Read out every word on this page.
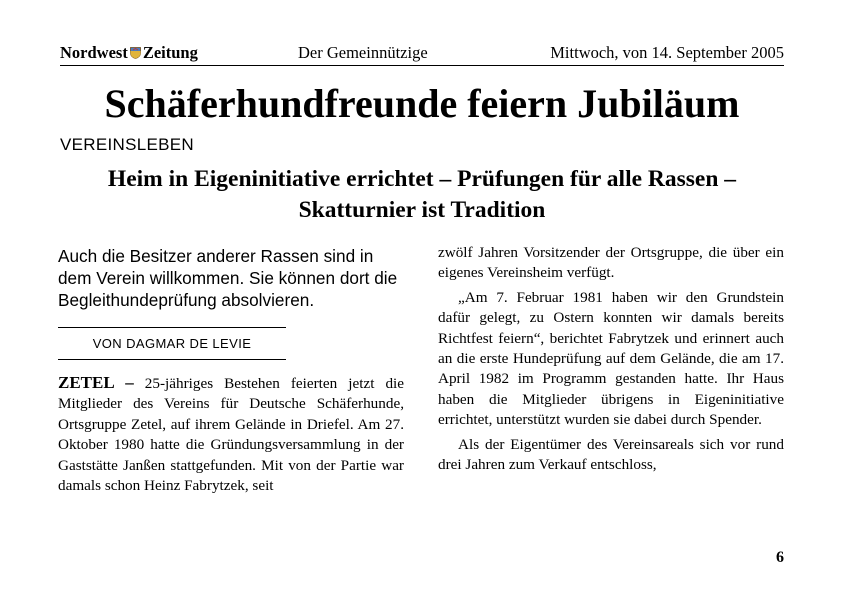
Nordwest Zeitung	Der Gemeinnützige	Mittwoch, von 14. September 2005
Schäferhundfreunde feiern Jubiläum
VEREINSLEBEN
Heim in Eigeninitiative errichtet – Prüfungen für alle Rassen – Skatturnier ist Tradition

Auch die Besitzer anderer Rassen sind in dem Verein willkommen. Sie können dort die Begleithundeprüfung absolvieren.

VON DAGMAR DE LEVIE

ZETEL – 25-jähriges Bestehen feierten jetzt die Mitglieder des Vereins für Deutsche Schäferhunde, Ortsgruppe Zetel, auf ihrem Gelände in Driefel. Am 27. Oktober 1980 hatte die Gründungsversammlung in der Gaststätte Janßen stattgefunden. Mit von der Partie war damals schon Heinz Fabrytzek, seit

zwölf Jahren Vorsitzender der Ortsgruppe, die über ein eigenes Vereinsheim verfügt.

„Am 7. Februar 1981 haben wir den Grundstein dafür gelegt, zu Ostern konnten wir damals bereits Richtfest feiern“, berichtet Fabrytzek und erinnert auch an die erste Hundeprüfung auf dem Gelände, die am 17. April 1982 im Programm gestanden hatte. Ihr Haus haben die Mitglieder übrigens in Eigeninitiative errichtet, unterstützt wurden sie dabei durch Spender.

Als der Eigentümer des Vereinsareals sich vor rund drei Jahren zum Verkauf entschloss,

6
